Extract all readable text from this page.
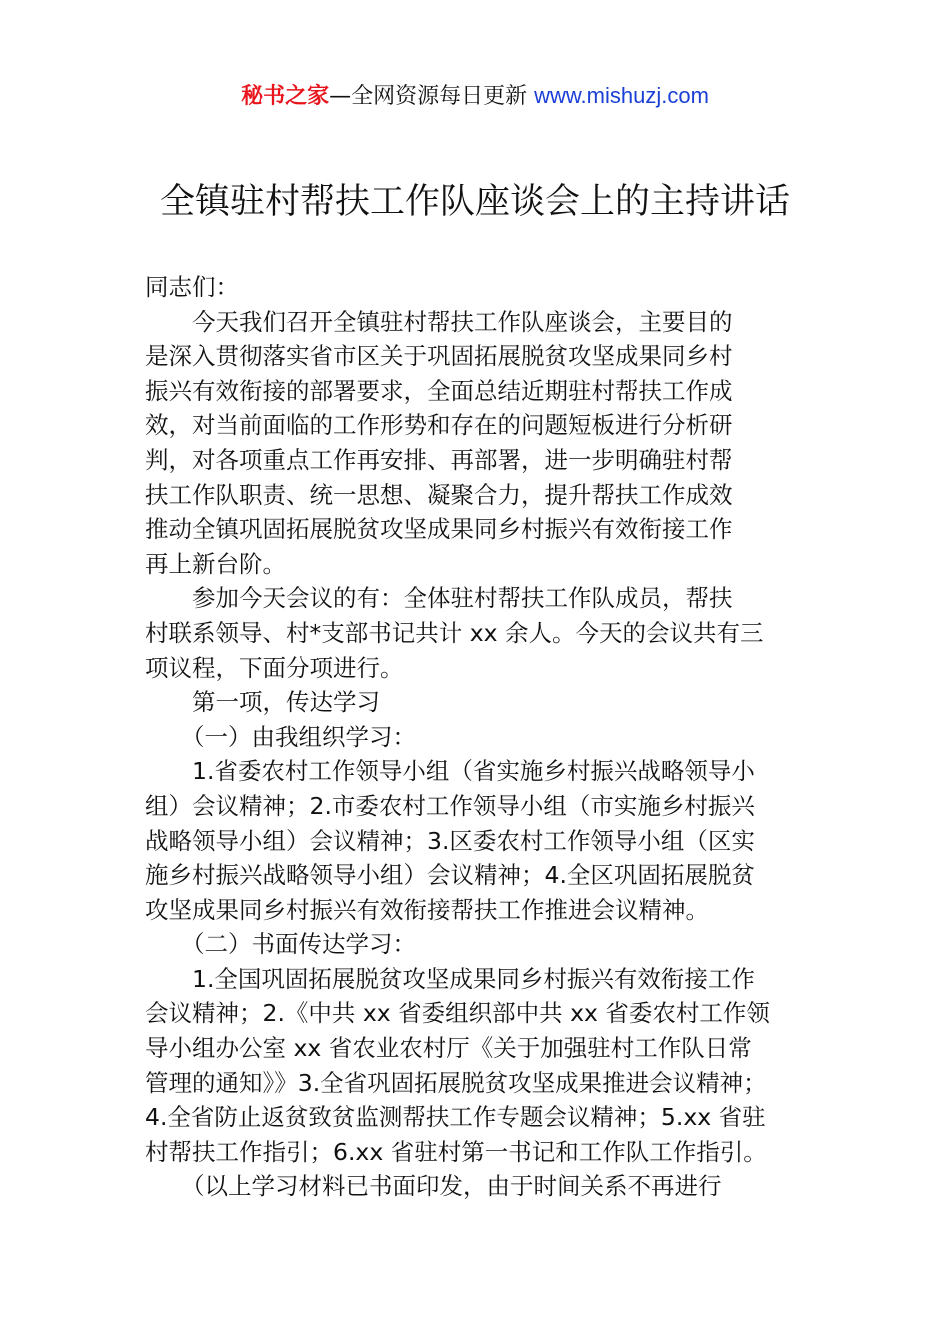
秘书之家—全网资源每日更新 www.mishuzj.com
全镇驻村帮扶工作队座谈会上的主持讲话

同志们：

今天我们召开全镇驻村帮扶工作队座谈会，主要目的

是深入贯彻落实省市区关于巩固拓展脱贫攻坚成果同乡村

振兴有效衔接的部署要求，全面总结近期驻村帮扶工作成

效，对当前面临的工作形势和存在的问题短板进行分析研

判，对各项重点工作再安排、再部署，进一步明确驻村帮

扶工作队职责、统一思想、凝聚合力，提升帮扶工作成效

推动全镇巩固拓展脱贫攻坚成果同乡村振兴有效衔接工作

再上新台阶。

参加今天会议的有：全体驻村帮扶工作队成员，帮扶

村联系领导、村*支部书记共计 xx 余人。今天的会议共有三

项议程，下面分项进行。

第一项，传达学习

（一）由我组织学习：

1.省委农村工作领导小组（省实施乡村振兴战略领导小

组）会议精神；2.市委农村工作领导小组（市实施乡村振兴

战略领导小组）会议精神；3.区委农村工作领导小组（区实

施乡村振兴战略领导小组）会议精神；4.全区巩固拓展脱贫

攻坚成果同乡村振兴有效衔接帮扶工作推进会议精神。

（二）书面传达学习：

1.全国巩固拓展脱贫攻坚成果同乡村振兴有效衔接工作

会议精神；2.《中共 xx 省委组织部中共 xx 省委农村工作领

导小组办公室 xx 省农业农村厅《关于加强驻村工作队日常

管理的通知》》3.全省巩固拓展脱贫攻坚成果推进会议精神；

4.全省防止返贫致贫监测帮扶工作专题会议精神；5.xx 省驻

村帮扶工作指引；6.xx 省驻村第一书记和工作队工作指引。

（以上学习材料已书面印发，由于时间关系不再进行
